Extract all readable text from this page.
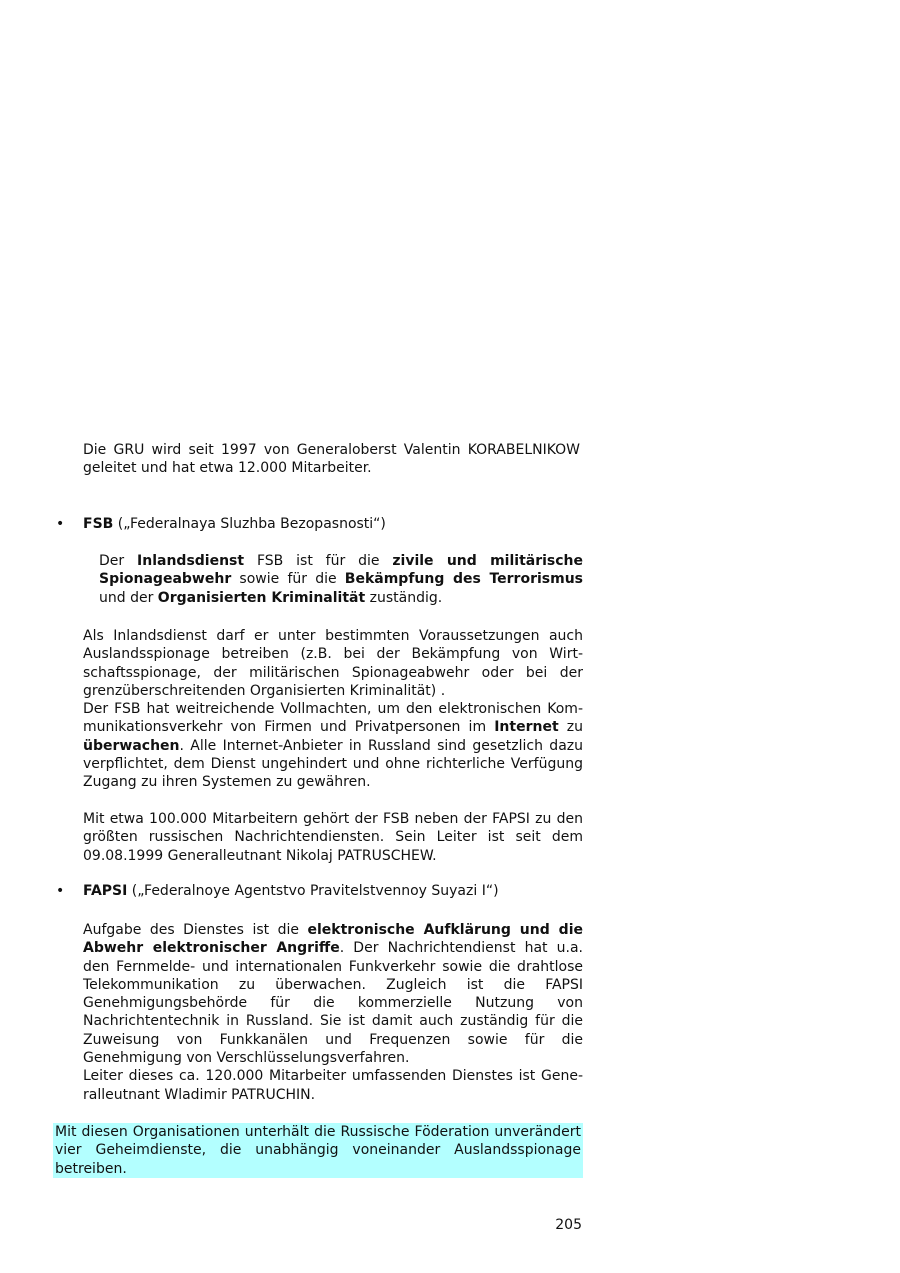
Die GRU wird seit 1997 von Generaloberst Valentin KORABELNIKOW geleitet und hat etwa 12.000 Mitarbeiter.

• FSB („Federalnaya Sluzhba Bezopasnosti“)

Der Inlandsdienst FSB ist für die zivile und militärische Spionageabwehr sowie für die Bekämpfung des Terrorismus und der Organisierten Kriminalität zuständig.

Als Inlandsdienst darf er unter bestimmten Voraussetzungen auch Auslandsspionage betreiben (z.B. bei der Bekämpfung von Wirtschaftsspionage, der militärischen Spionageabwehr oder bei der grenzüberschreitenden Organisierten Kriminalität) .

Der FSB hat weitreichende Vollmachten, um den elektronischen Kommunikationsverkehr von Firmen und Privatpersonen im Internet zu überwachen. Alle Internet-Anbieter in Russland sind gesetzlich dazu verpflichtet, dem Dienst ungehindert und ohne richterliche Verfügung Zugang zu ihren Systemen zu gewähren.

Mit etwa 100.000 Mitarbeitern gehört der FSB neben der FAPSI zu den größten russischen Nachrichtendiensten. Sein Leiter ist seit dem 09.08.1999 Generalleutnant Nikolaj PATRUSCHEW.

• FAPSI („Federalnoye Agentstvo Pravitelstvennoy Suyazi I“)

Aufgabe des Dienstes ist die elektronische Aufklärung und die Abwehr elektronischer Angriffe. Der Nachrichtendienst hat u.a. den Fernmelde- und internationalen Funkverkehr sowie die drahtlose Telekommunikation zu überwachen. Zugleich ist die FAPSI Genehmigungsbehörde für die kommerzielle Nutzung von Nachrichtentechnik in Russland. Sie ist damit auch zuständig für die Zuweisung von Funkkanälen und Frequenzen sowie für die Genehmigung von Verschlüsselungsverfahren.

Leiter dieses ca. 120.000 Mitarbeiter umfassenden Dienstes ist Generalleutnant Wladimir PATRUCHIN.

Mit diesen Organisationen unterhält die Russische Föderation unverändert vier Geheimdienste, die unabhängig voneinander Auslandsspionage betreiben.

205
